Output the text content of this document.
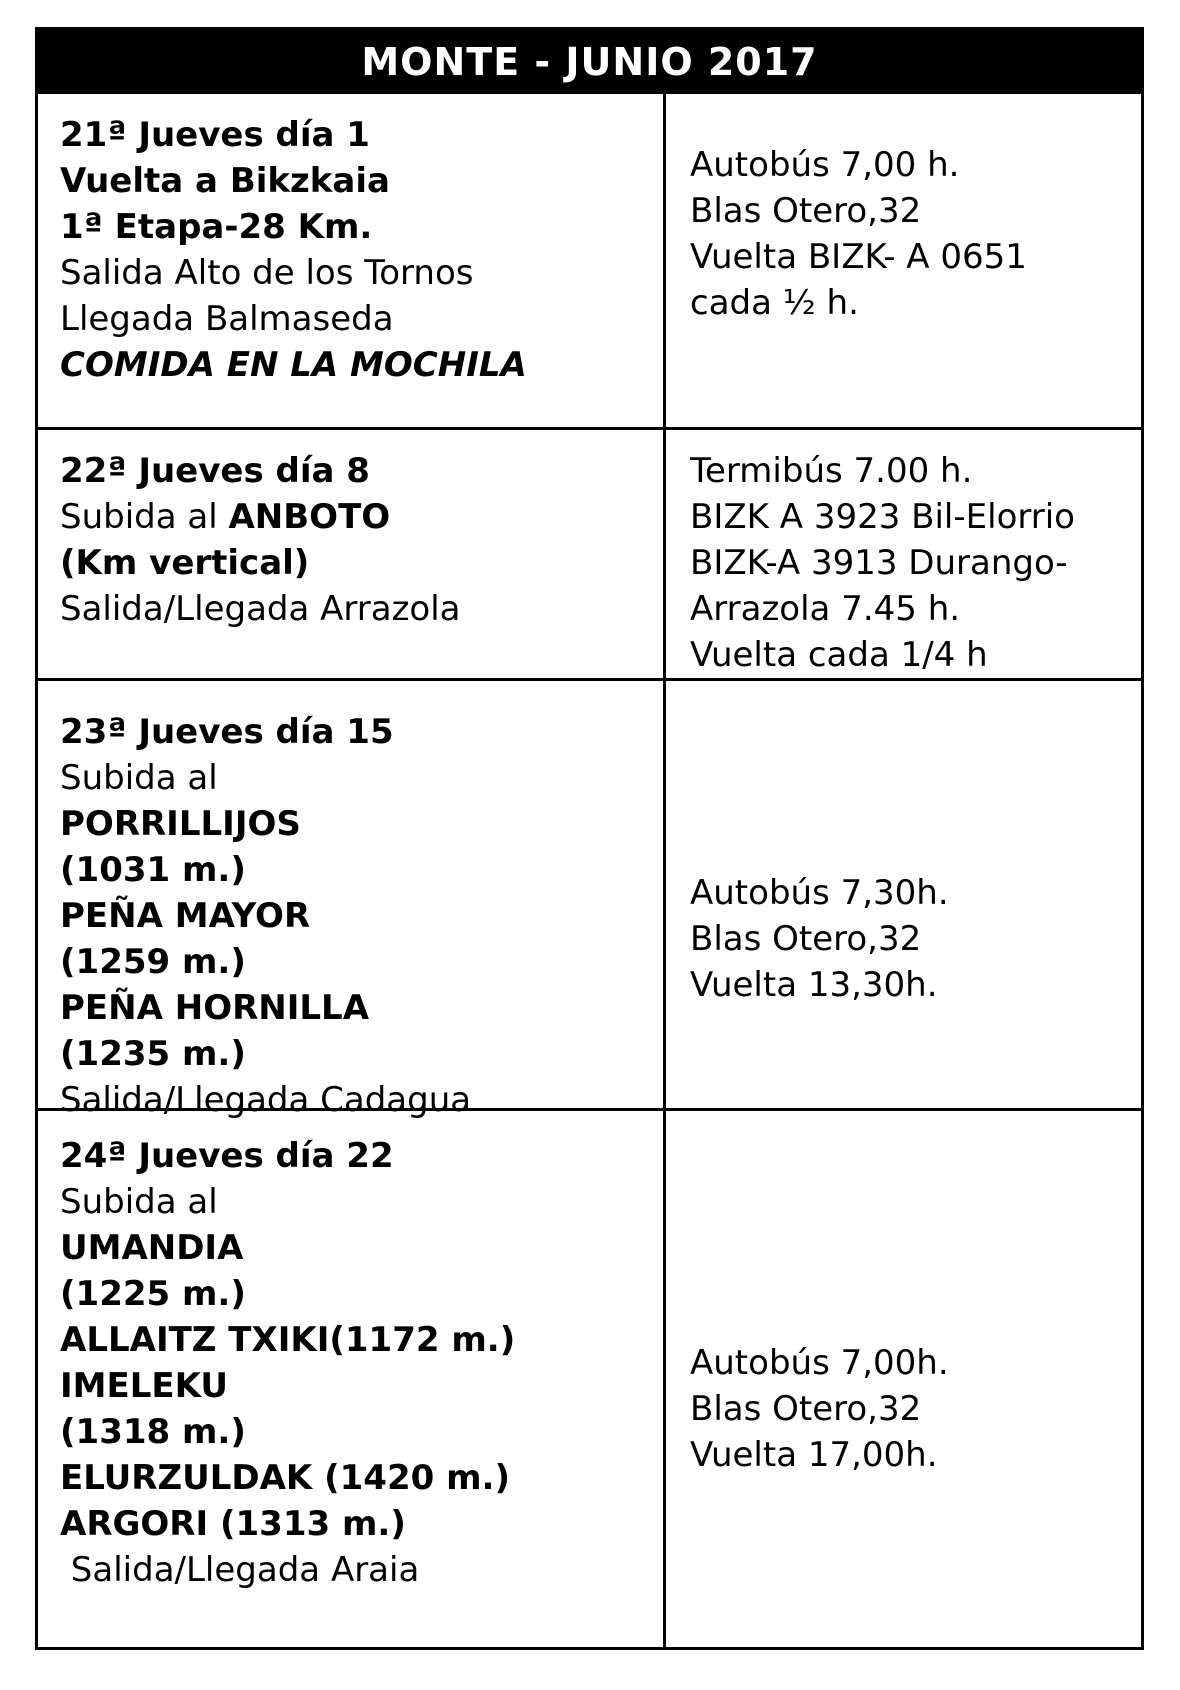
MONTE - JUNIO 2017
21ª Jueves día 1
Vuelta a Bikzkaia
1ª Etapa-28 Km.
Salida Alto de los Tornos
Llegada Balmaseda
COMIDA EN LA MOCHILA
Autobús 7,00 h.
Blas Otero,32
Vuelta BIZK- A 0651
cada ½ h.
22ª Jueves día 8
Subida al ANBOTO
(Km vertical)
Salida/Llegada Arrazola
Termibús 7.00 h.
BIZK A 3923 Bil-Elorrio
BIZK-A 3913 Durango-
Arrazola 7.45 h.
Vuelta cada 1/4 h
23ª Jueves día 15
Subida al
PORRILLIJOS
(1031 m.)
PEÑA MAYOR
(1259 m.)
PEÑA HORNILLA
(1235 m.)
Salida/Llegada Cadagua
Autobús 7,30h.
Blas Otero,32
Vuelta 13,30h.
24ª Jueves día 22
Subida al
UMANDIA
(1225 m.)
ALLAITZ TXIKI(1172 m.)
IMELEKU
(1318 m.)
ELURZULDAK (1420 m.)
ARGORI (1313 m.)
Salida/Llegada Araia
Autobús 7,00h.
Blas Otero,32
Vuelta 17,00h.
